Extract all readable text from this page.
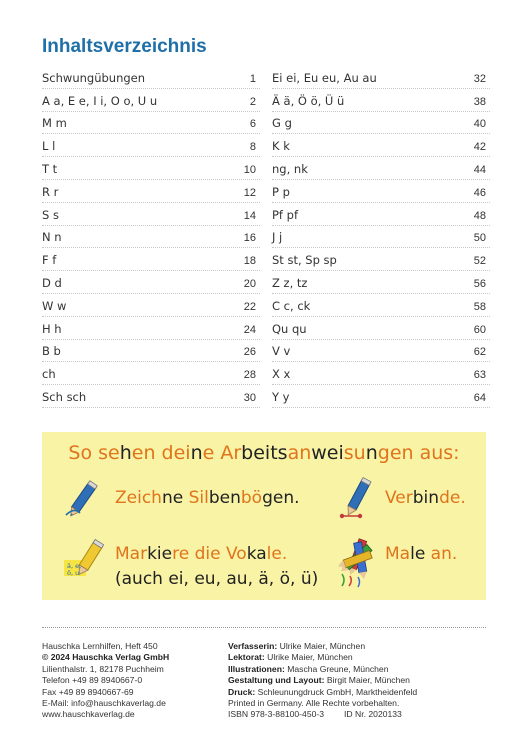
Inhaltsverzeichnis
Schwungübungen	1
A a, E e, I i, O o, U u	2
M m	6
L l	8
T t	10
R r	12
S s	14
N n	16
F f	18
D d	20
W w	22
H h	24
B b	26
ch	28
Sch sch	30
Ei ei, Eu eu, Au au	32
Ä ä, Ö ö, Ü ü	38
G g	40
K k	42
ng, nk	44
P p	46
Pf pf	48
J j	50
St st, Sp sp	52
Z z, tz	56
C c, ck	58
Qu qu	60
V v	62
X x	63
Y y	64
So sehen deine Arbeitsanweisungen aus:
Zeichne Silbenbögen.	Verbinde.
ä, e, ö, u
Markiere die Vokale.
(auch ei, eu, au, ä, ö, ü)
Male an.
Hauschka Lernhilfen, Heft 450
© 2024 Hauschka Verlag GmbH
Lilienthalstr. 1, 82178 Puchheim
Telefon +49 89 8940667-0
Fax +49 89 8940667-69
E-Mail: info@hauschkaverlag.de
www.hauschkaverlag.de
Verfasserin: Ulrike Maier, München
Lektorat: Ulrike Maier, München
Illustrationen: Mascha Greune, München
Gestaltung und Layout: Birgit Maier, München
Druck: Schleunungdruck GmbH, Marktheidenfeld
Printed in Germany. Alle Rechte vorbehalten.
ISBN 978-3-88100-450-3 ID Nr. 2020133
